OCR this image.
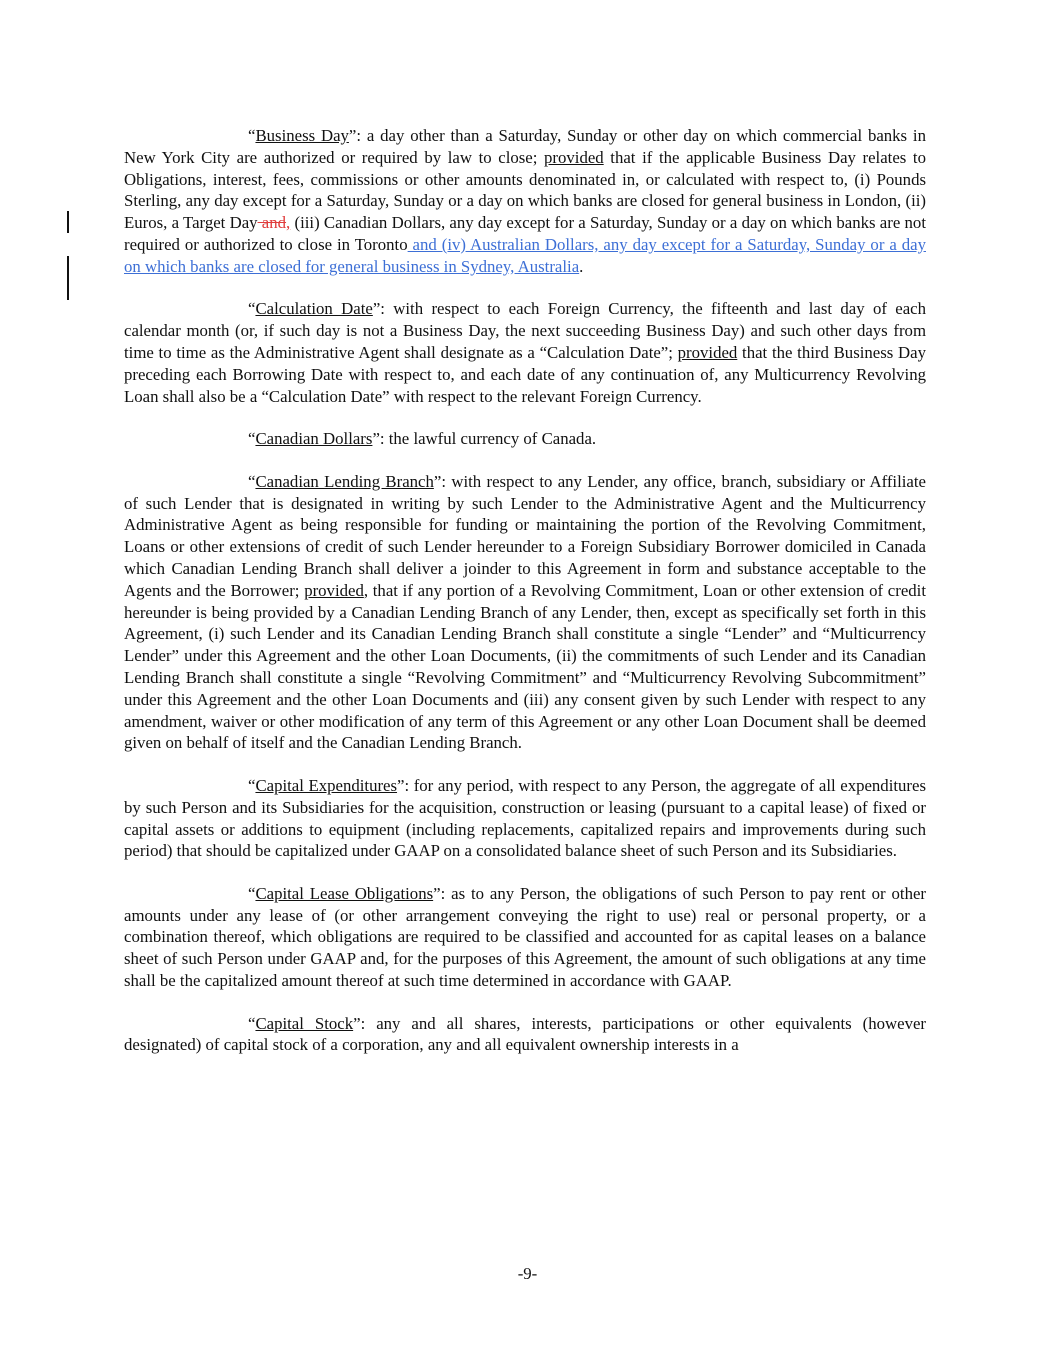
“Business Day”: a day other than a Saturday, Sunday or other day on which commercial banks in New York City are authorized or required by law to close; provided that if the applicable Business Day relates to Obligations, interest, fees, commissions or other amounts denominated in, or calculated with respect to, (i) Pounds Sterling, any day except for a Saturday, Sunday or a day on which banks are closed for general business in London, (ii) Euros, a Target Day and, (iii) Canadian Dollars, any day except for a Saturday, Sunday or a day on which banks are not required or authorized to close in Toronto and (iv) Australian Dollars, any day except for a Saturday, Sunday or a day on which banks are closed for general business in Sydney, Australia.

“Calculation Date”: with respect to each Foreign Currency, the fifteenth and last day of each calendar month (or, if such day is not a Business Day, the next succeeding Business Day) and such other days from time to time as the Administrative Agent shall designate as a “Calculation Date”; provided that the third Business Day preceding each Borrowing Date with respect to, and each date of any continuation of, any Multicurrency Revolving Loan shall also be a “Calculation Date” with respect to the relevant Foreign Currency.

“Canadian Dollars”: the lawful currency of Canada.

“Canadian Lending Branch”: with respect to any Lender, any office, branch, subsidiary or Affiliate of such Lender that is designated in writing by such Lender to the Administrative Agent and the Multicurrency Administrative Agent as being responsible for funding or maintaining the portion of the Revolving Commitment, Loans or other extensions of credit of such Lender hereunder to a Foreign Subsidiary Borrower domiciled in Canada which Canadian Lending Branch shall deliver a joinder to this Agreement in form and substance acceptable to the Agents and the Borrower; provided, that if any portion of a Revolving Commitment, Loan or other extension of credit hereunder is being provided by a Canadian Lending Branch of any Lender, then, except as specifically set forth in this Agreement, (i) such Lender and its Canadian Lending Branch shall constitute a single “Lender” and “Multicurrency Lender” under this Agreement and the other Loan Documents, (ii) the commitments of such Lender and its Canadian Lending Branch shall constitute a single “Revolving Commitment” and “Multicurrency Revolving Subcommitment” under this Agreement and the other Loan Documents and (iii) any consent given by such Lender with respect to any amendment, waiver or other modification of any term of this Agreement or any other Loan Document shall be deemed given on behalf of itself and the Canadian Lending Branch.

“Capital Expenditures”: for any period, with respect to any Person, the aggregate of all expenditures by such Person and its Subsidiaries for the acquisition, construction or leasing (pursuant to a capital lease) of fixed or capital assets or additions to equipment (including replacements, capitalized repairs and improvements during such period) that should be capitalized under GAAP on a consolidated balance sheet of such Person and its Subsidiaries.

“Capital Lease Obligations”: as to any Person, the obligations of such Person to pay rent or other amounts under any lease of (or other arrangement conveying the right to use) real or personal property, or a combination thereof, which obligations are required to be classified and accounted for as capital leases on a balance sheet of such Person under GAAP and, for the purposes of this Agreement, the amount of such obligations at any time shall be the capitalized amount thereof at such time determined in accordance with GAAP.

“Capital Stock”: any and all shares, interests, participations or other equivalents (however designated) of capital stock of a corporation, any and all equivalent ownership interests in a

-9-
